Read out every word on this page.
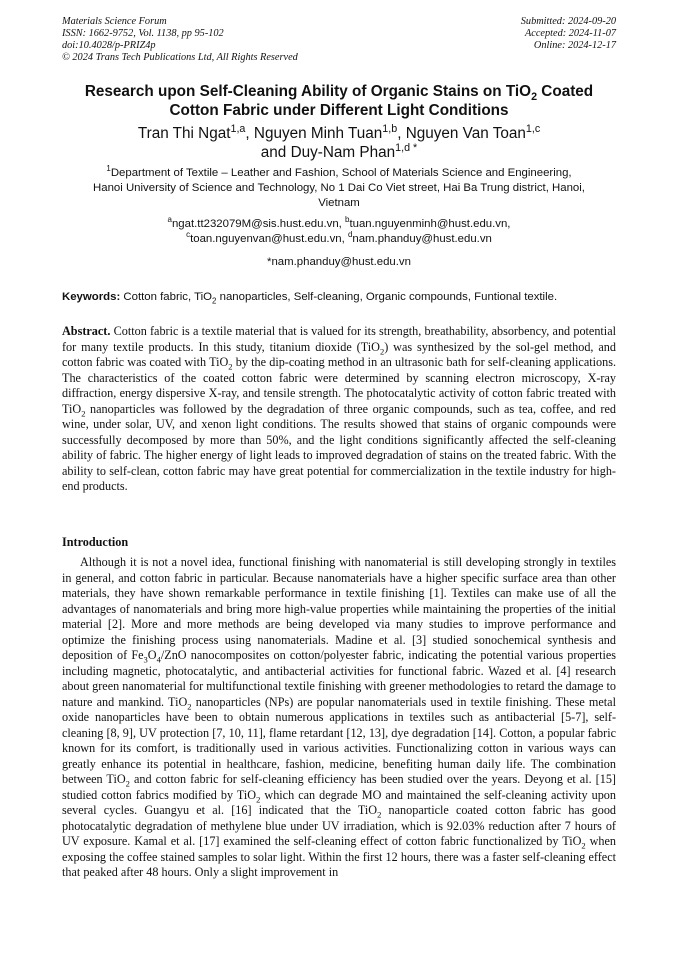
Materials Science Forum
ISSN: 1662-9752, Vol. 1138, pp 95-102
doi:10.4028/p-PRIZ4p
© 2024 Trans Tech Publications Ltd, All Rights Reserved
Submitted: 2024-09-20
Accepted: 2024-11-07
Online: 2024-12-17
Research upon Self-Cleaning Ability of Organic Stains on TiO$_2$ Coated
Cotton Fabric under Different Light Conditions
Tran Thi Ngat$^{1,a}$, Nguyen Minh Tuan$^{1,b}$, Nguyen Van Toan$^{1,c}$
and Duy-Nam Phan$^{1,d *}$
$^1$Department of Textile – Leather and Fashion, School of Materials Science and Engineering,
Hanoi University of Science and Technology, No 1 Dai Co Viet street, Hai Ba Trung district, Hanoi,
Vietnam
$^a$ngat.tt232079M@sis.hust.edu.vn, $^b$tuan.nguyenminh@hust.edu.vn,
$^c$toan.nguyenvan@hust.edu.vn, $^d$nam.phanduy@hust.edu.vn
*nam.phanduy@hust.edu.vn
Keywords: Cotton fabric, TiO$_2$ nanoparticles, Self-cleaning, Organic compounds, Funtional textile.
Abstract. Cotton fabric is a textile material that is valued for its strength, breathability, absorbency, and potential for many textile products. In this study, titanium dioxide (TiO$_2$) was synthesized by the sol-gel method, and cotton fabric was coated with TiO$_2$ by the dip-coating method in an ultrasonic bath for self-cleaning applications. The characteristics of the coated cotton fabric were determined by scanning electron microscopy, X-ray diffraction, energy dispersive X-ray, and tensile strength. The photocatalytic activity of cotton fabric treated with TiO$_2$ nanoparticles was followed by the degradation of three organic compounds, such as tea, coffee, and red wine, under solar, UV, and xenon light conditions. The results showed that stains of organic compounds were successfully decomposed by more than 50%, and the light conditions significantly affected the self-cleaning ability of fabric. The higher energy of light leads to improved degradation of stains on the treated fabric. With the ability to self-clean, cotton fabric may have great potential for commercialization in the textile industry for high-end products.
Introduction
Although it is not a novel idea, functional finishing with nanomaterial is still developing strongly in textiles in general, and cotton fabric in particular. Because nanomaterials have a higher specific surface area than other materials, they have shown remarkable performance in textile finishing [1]. Textiles can make use of all the advantages of nanomaterials and bring more high-value properties while maintaining the properties of the initial material [2]. More and more methods are being developed via many studies to improve performance and optimize the finishing process using nanomaterials. Madine et al. [3] studied sonochemical synthesis and deposition of $Fe_3O_4$/ZnO nanocomposites on cotton/polyester fabric, indicating the potential various properties including magnetic, photocatalytic, and antibacterial activities for functional fabric. Wazed et al. [4] research about green nanomaterial for multifunctional textile finishing with greener methodologies to retard the damage to nature and mankind. TiO$_2$ nanoparticles (NPs) are popular nanomaterials used in textile finishing. These metal oxide nanoparticles have been to obtain numerous applications in textiles such as antibacterial [5-7], self-cleaning [8, 9], UV protection [7, 10, 11], flame retardant [12, 13], dye degradation [14]. Cotton, a popular fabric known for its comfort, is traditionally used in various activities. Functionalizing cotton in various ways can greatly enhance its potential in healthcare, fashion, medicine, benefiting human daily life. The combination between TiO$_2$ and cotton fabric for self-cleaning efficiency has been studied over the years. Deyong et al. [15] studied cotton fabrics modified by TiO$_2$ which can degrade MO and maintained the self-cleaning activity upon several cycles. Guangyu et al. [16] indicated that the TiO$_2$ nanoparticle coated cotton fabric has good photocatalytic degradation of methylene blue under UV irradiation, which is 92.03% reduction after 7 hours of UV exposure. Kamal et al. [17] examined the self-cleaning effect of cotton fabric functionalized by TiO$_2$ when exposing the coffee stained samples to solar light. Within the first 12 hours, there was a faster self-cleaning effect that peaked after 48 hours. Only a slight improvement in
